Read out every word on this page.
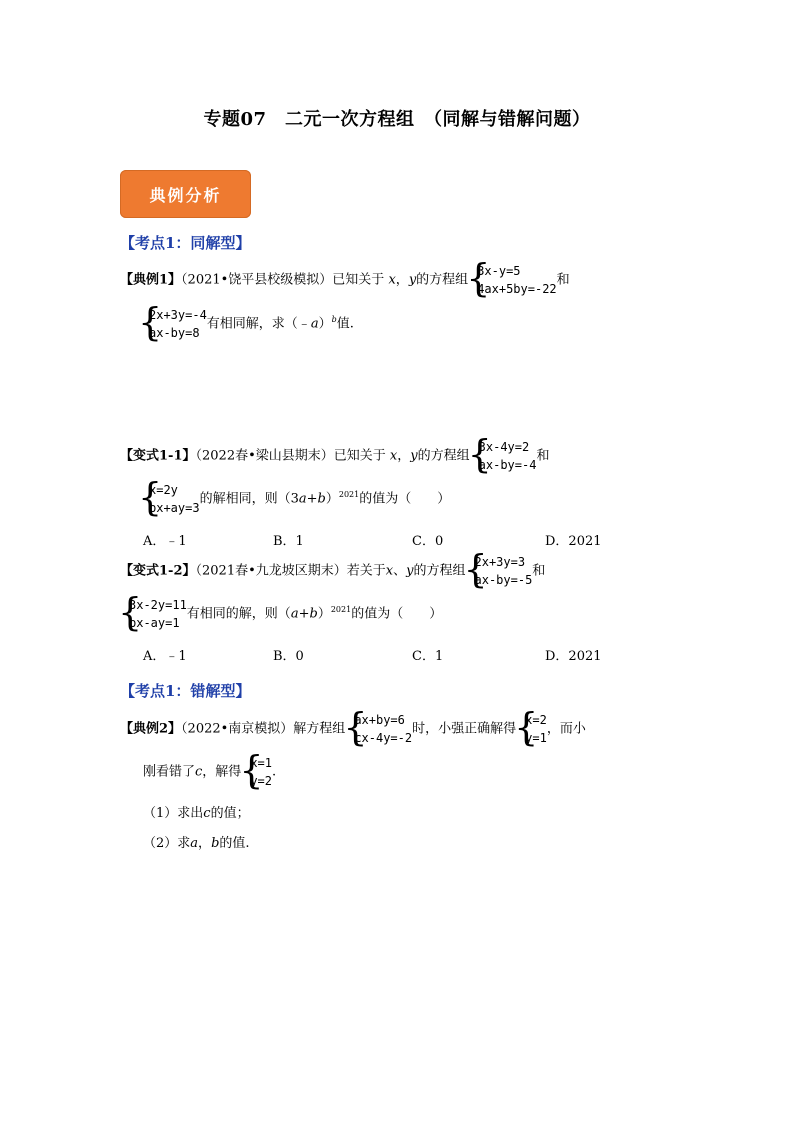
专题07　二元一次方程组　（同解与错解问题）
典例分析
【考点1：同解型】
【典例1】（2021•饶平县校级模拟）已知关于 x，y的方程组
{ 3x-y=5
4ax+5by=-22
和
{ 2x+3y=-4
ax-by=8
有相同解，求（﹣a）$^b$值.
【变式1-1】（2022春•梁山县期末）已知关于 x，y的方程组
{ 3x-4y=2
ax-by=-4
和
{ x=2y
bx+ay=3
的解相同，则$(3a+b)^{2021}$的值为（　　）
A．﹣1	B．1	C．0	D．2021
【变式1-2】（2021春•九龙坡区期末）若关于x、y的方程组
{ 2x+3y=3
ax-by=-5
和
{ 3x-2y=11
bx-ay=1
有相同的解，则$(a+b)^{2021}$的值为（　　）
A．﹣1	B．0	C．1	D．2021
【考点1：错解型】
【典例2】（2022•南京模拟）解方程组
{ ax+by=6
cx-4y=-2
时，小强正确解得
{ x=2
y=1
，而小
刚看错了c，解得
{ x=1
y=2
.
（1）求出c的值；
（2）求a，b的值.
